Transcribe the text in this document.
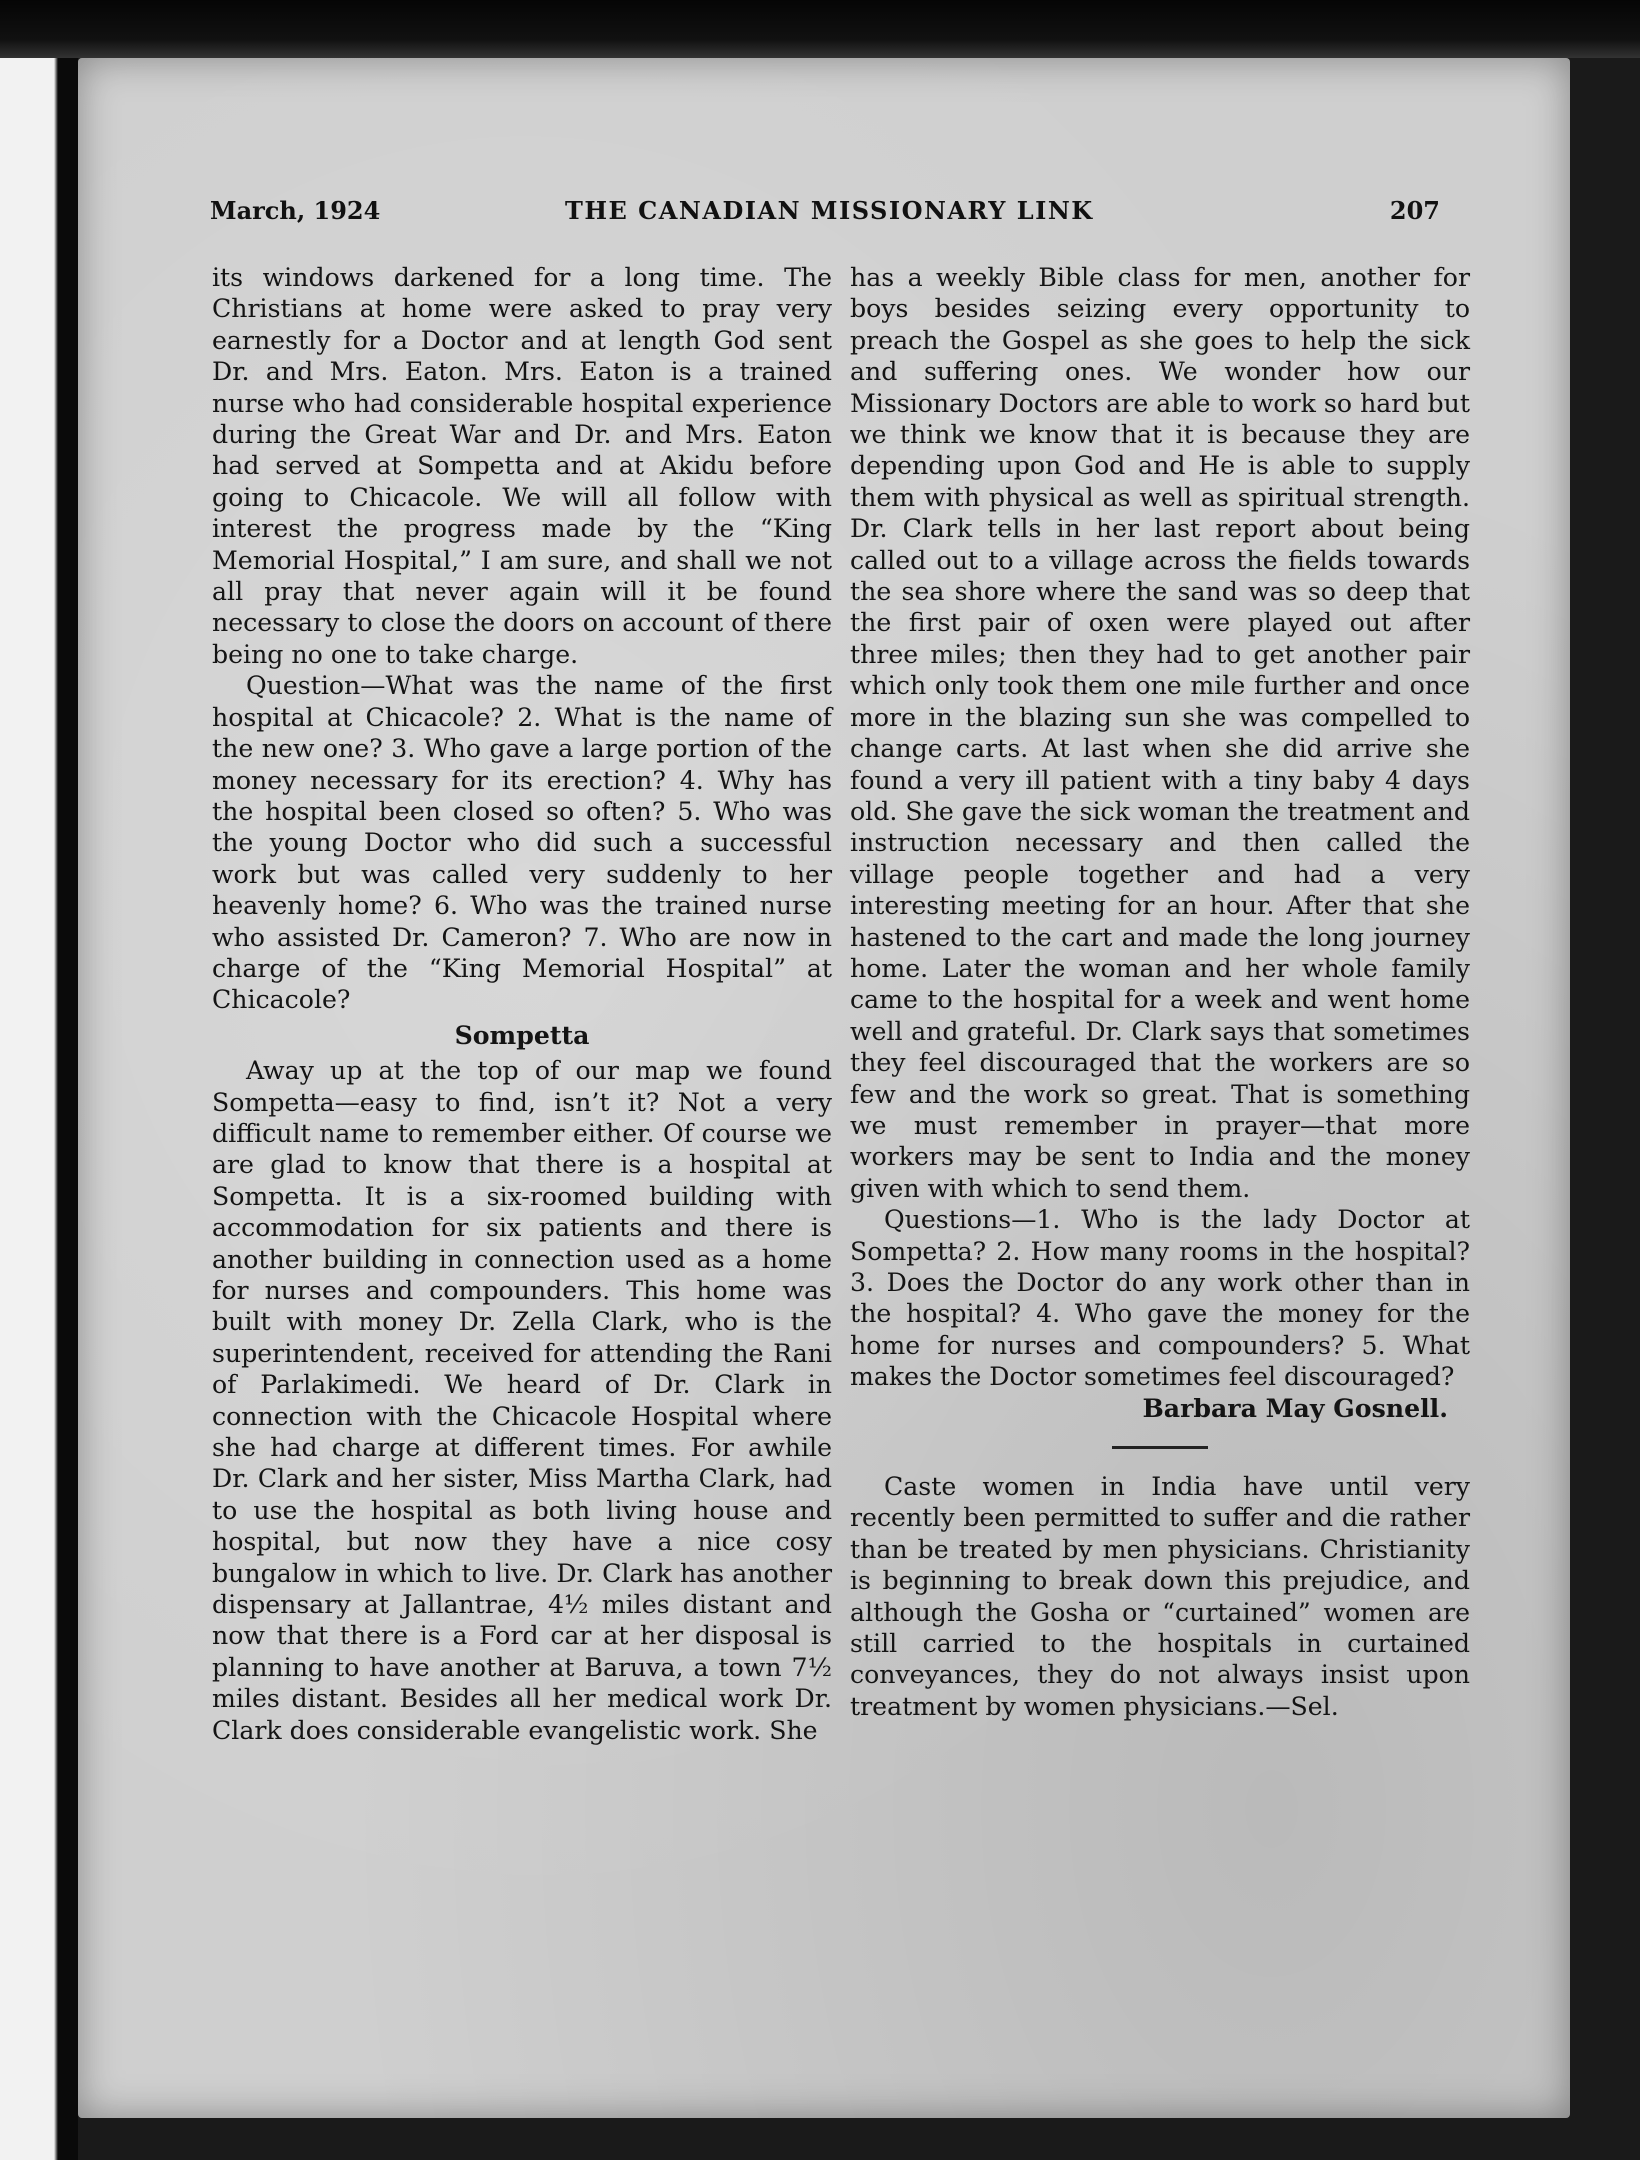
March, 1924	THE CANADIAN MISSIONARY LINK	207

its windows darkened for a long time. The Christians at home were asked to pray very earnestly for a Doctor and at length God sent Dr. and Mrs. Eaton. Mrs. Eaton is a trained nurse who had considerable hospital experience during the Great War and Dr. and Mrs. Eaton had served at Sompetta and at Akidu before going to Chicacole. We will all follow with interest the progress made by the “King Memorial Hospital,” I am sure, and shall we not all pray that never again will it be found necessary to close the doors on account of there being no one to take charge.

Question—What was the name of the first hospital at Chicacole? 2. What is the name of the new one? 3. Who gave a large portion of the money necessary for its erection? 4. Why has the hospital been closed so often? 5. Who was the young Doctor who did such a successful work but was called very suddenly to her heavenly home? 6. Who was the trained nurse who assisted Dr. Cameron? 7. Who are now in charge of the “King Memorial Hospital” at Chicacole?

Sompetta

Away up at the top of our map we found Sompetta—easy to find, isn’t it? Not a very difficult name to remember either. Of course we are glad to know that there is a hospital at Sompetta. It is a six-roomed building with accommodation for six patients and there is another building in connection used as a home for nurses and compounders. This home was built with money Dr. Zella Clark, who is the superintendent, received for attending the Rani of Parlakimedi. We heard of Dr. Clark in connection with the Chicacole Hospital where she had charge at different times. For awhile Dr. Clark and her sister, Miss Martha Clark, had to use the hospital as both living house and hospital, but now they have a nice cosy bungalow in which to live. Dr. Clark has another dispensary at Jallantrae, 4½ miles distant and now that there is a Ford car at her disposal is planning to have another at Baruva, a town 7½ miles distant. Besides all her medical work Dr. Clark does considerable evangelistic work. She

has a weekly Bible class for men, another for boys besides seizing every opportunity to preach the Gospel as she goes to help the sick and suffering ones. We wonder how our Missionary Doctors are able to work so hard but we think we know that it is because they are depending upon God and He is able to supply them with physical as well as spiritual strength. Dr. Clark tells in her last report about being called out to a village across the fields towards the sea shore where the sand was so deep that the first pair of oxen were played out after three miles; then they had to get another pair which only took them one mile further and once more in the blazing sun she was compelled to change carts. At last when she did arrive she found a very ill patient with a tiny baby 4 days old. She gave the sick woman the treatment and instruction necessary and then called the village people together and had a very interesting meeting for an hour. After that she hastened to the cart and made the long journey home. Later the woman and her whole family came to the hospital for a week and went home well and grateful. Dr. Clark says that sometimes they feel discouraged that the workers are so few and the work so great. That is something we must remember in prayer—that more workers may be sent to India and the money given with which to send them.

Questions—1. Who is the lady Doctor at Sompetta? 2. How many rooms in the hospital? 3. Does the Doctor do any work other than in the hospital? 4. Who gave the money for the home for nurses and compounders? 5. What makes the Doctor sometimes feel discouraged?

Barbara May Gosnell.

Caste women in India have until very recently been permitted to suffer and die rather than be treated by men physicians. Christianity is beginning to break down this prejudice, and although the Gosha or “curtained” women are still carried to the hospitals in curtained conveyances, they do not always insist upon treatment by women physicians.—Sel.
